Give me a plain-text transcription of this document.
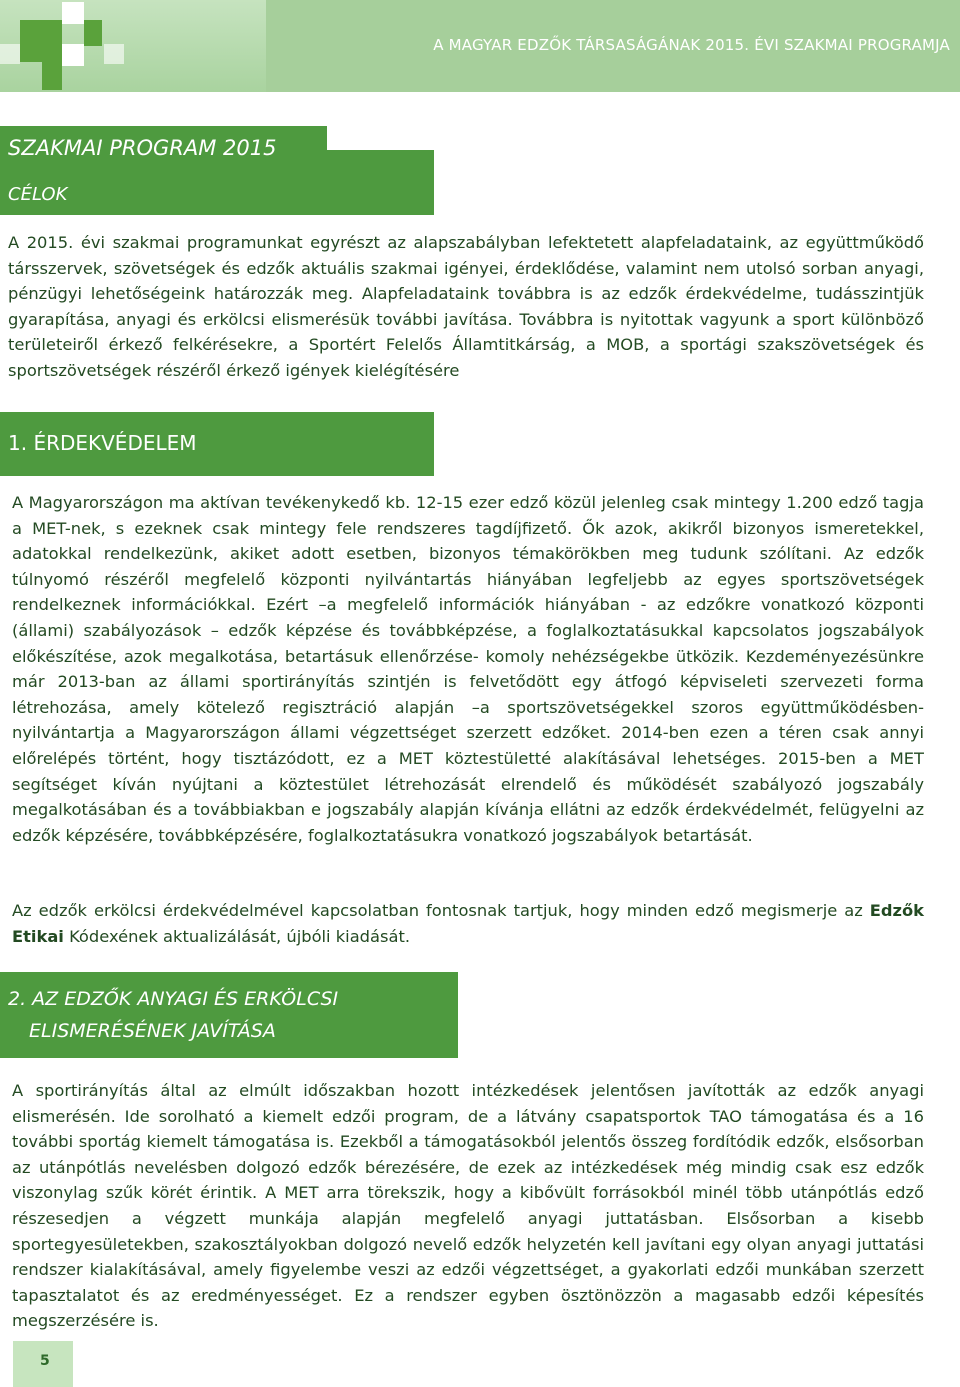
A MAGYAR EDZŐK TÁRSASÁGÁNAK 2015. ÉVI SZAKMAI PROGRAMJA
SZAKMAI PROGRAM 2015
CÉLOK
A 2015. évi szakmai programunkat egyrészt az alapszabályban lefektetett alapfeladataink, az együttműködő társszervek, szövetségek és edzők aktuális szakmai igényei, érdeklődése, valamint nem utolsó sorban anyagi, pénzügyi lehetőségeink határozzák meg. Alapfeladataink továbbra is az edzők érdekvédelme, tudásszintjük gyarapítása, anyagi és erkölcsi elismerésük további javítása. Továbbra is nyitottak vagyunk a sport különböző területeiről érkező felkérésekre, a Sportért Felelős Államtitkárság, a MOB, a sportági szakszövetségek és sportszövetségek részéről érkező igények kielégítésére
1. ÉRDEKVÉDELEM
A Magyarországon ma aktívan tevékenykedő kb. 12-15 ezer edző közül jelenleg csak mintegy 1.200 edző tagja a MET-nek, s ezeknek csak mintegy fele rendszeres tagdíjfizető. Ők azok, akikről bizonyos ismeretekkel, adatokkal rendelkezünk, akiket adott esetben, bizonyos témakörökben meg tudunk szólítani. Az edzők túlnyomó részéről megfelelő központi nyilvántartás hiányában legfeljebb az egyes sportszövetségek rendelkeznek információkkal. Ezért –a megfelelő információk hiányában - az edzőkre vonatkozó központi (állami) szabályozások – edzők képzése és továbbképzése, a foglalkoztatásukkal kapcsolatos jogszabályok előkészítése, azok megalkotása, betartásuk ellenőrzése- komoly nehézségekbe ütközik. Kezdeményezésünkre már 2013-ban az állami sportirányítás szintjén is felvetődött egy átfogó képviseleti szervezeti forma létrehozása, amely kötelező regisztráció alapján –a sportszövetségekkel szoros együttműködésben- nyilvántartja a Magyarországon állami végzettséget szerzett edzőket. 2014-ben ezen a téren csak annyi előrelépés történt, hogy tisztázódott, ez a MET köztestületté alakításával lehetséges. 2015-ben a MET segítséget kíván nyújtani a köztestület létrehozását elrendelő és működését szabályozó jogszabály megalkotásában és a továbbiakban e jogszabály alapján kívánja ellátni az edzők érdekvédelmét, felügyelni az edzők képzésére, továbbképzésére, foglalkoztatásukra vonatkozó jogszabályok betartását.
Az edzők erkölcsi érdekvédelmével kapcsolatban fontosnak tartjuk, hogy minden edző megismerje az Edzők Etikai Kódexének aktualizálását, újbóli kiadását.
2. AZ EDZŐK ANYAGI ÉS ERKÖLCSI
ELISMERÉSÉNEK JAVÍTÁSA
A sportirányítás által az elmúlt időszakban hozott intézkedések jelentősen javították az edzők anyagi elismerésén. Ide sorolható a kiemelt edzői program, de a látvány csapatsportok TAO támogatása és a 16 további sportág kiemelt támogatása is. Ezekből a támogatásokból jelentős összeg fordítódik edzők, elsősorban az utánpótlás nevelésben dolgozó edzők bérezésére, de ezek az intézkedések még mindig csak esz edzők viszonylag szűk körét érintik. A MET arra törekszik, hogy a kibővült forrásokból minél több utánpótlás edző részesedjen a végzett munkája alapján megfelelő anyagi juttatásban. Elsősorban a kisebb sportegyesületekben, szakosztályokban dolgozó nevelő edzők helyzetén kell javítani egy olyan anyagi juttatási rendszer kialakításával, amely figyelembe veszi az edzői végzettséget, a gyakorlati edzői munkában szerzett tapasztalatot és az eredményességet. Ez a rendszer egyben ösztönözzön a magasabb edzői képesítés megszerzésére is.
5
